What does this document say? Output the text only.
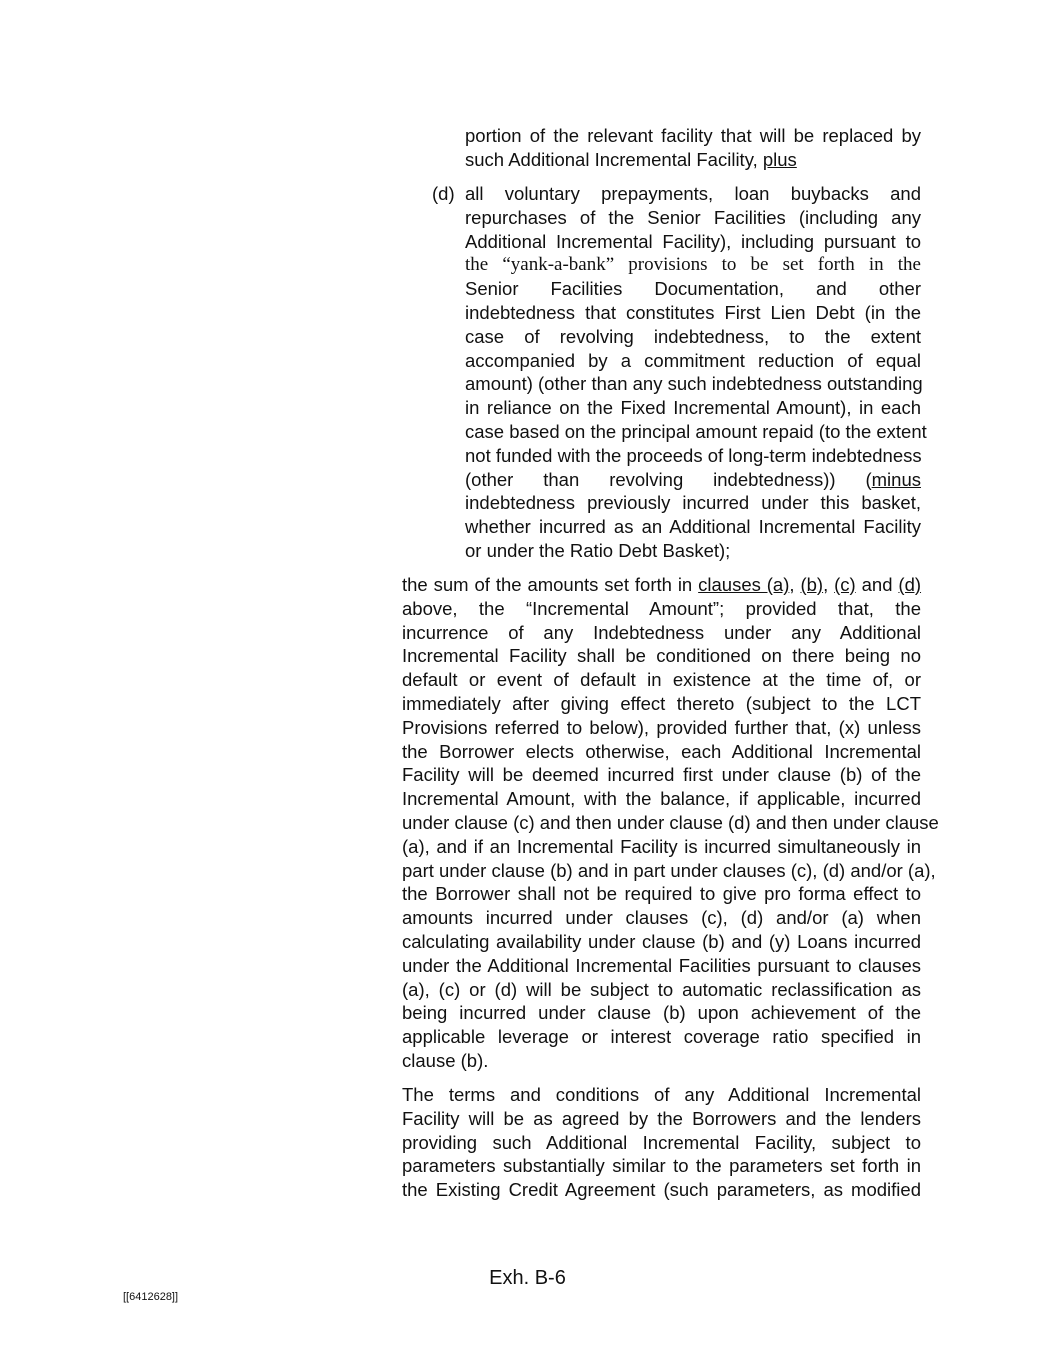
portion of the relevant facility that will be replaced by
such Additional Incremental Facility, plus
(d) all voluntary prepayments, loan buybacks and
repurchases of the Senior Facilities (including any
Additional Incremental Facility), including pursuant to
the “yank-a-bank” provisions to be set forth in the
Senior Facilities Documentation, and other
indebtedness that constitutes First Lien Debt (in the
case of revolving indebtedness, to the extent
accompanied by a commitment reduction of equal
amount) (other than any such indebtedness outstanding
in reliance on the Fixed Incremental Amount), in each
case based on the principal amount repaid (to the extent
not funded with the proceeds of long-term indebtedness
(other than revolving indebtedness)) (minus
indebtedness previously incurred under this basket,
whether incurred as an Additional Incremental Facility
or under the Ratio Debt Basket);
the sum of the amounts set forth in clauses (a), (b), (c) and (d)
above, the “Incremental Amount”; provided that, the
incurrence of any Indebtedness under any Additional
Incremental Facility shall be conditioned on there being no
default or event of default in existence at the time of, or
immediately after giving effect thereto (subject to the LCT
Provisions referred to below), provided further that, (x) unless
the Borrower elects otherwise, each Additional Incremental
Facility will be deemed incurred first under clause (b) of the
Incremental Amount, with the balance, if applicable, incurred
under clause (c) and then under clause (d) and then under clause
(a), and if an Incremental Facility is incurred simultaneously in
part under clause (b) and in part under clauses (c), (d) and/or (a),
the Borrower shall not be required to give pro forma effect to
amounts incurred under clauses (c), (d) and/or (a) when
calculating availability under clause (b) and (y) Loans incurred
under the Additional Incremental Facilities pursuant to clauses
(a), (c) or (d) will be subject to automatic reclassification as
being incurred under clause (b) upon achievement of the
applicable leverage or interest coverage ratio specified in
clause (b).
The terms and conditions of any Additional Incremental
Facility will be as agreed by the Borrowers and the lenders
providing such Additional Incremental Facility, subject to
parameters substantially similar to the parameters set forth in
the Existing Credit Agreement (such parameters, as modified
Exh. B-6
[[6412628]]
